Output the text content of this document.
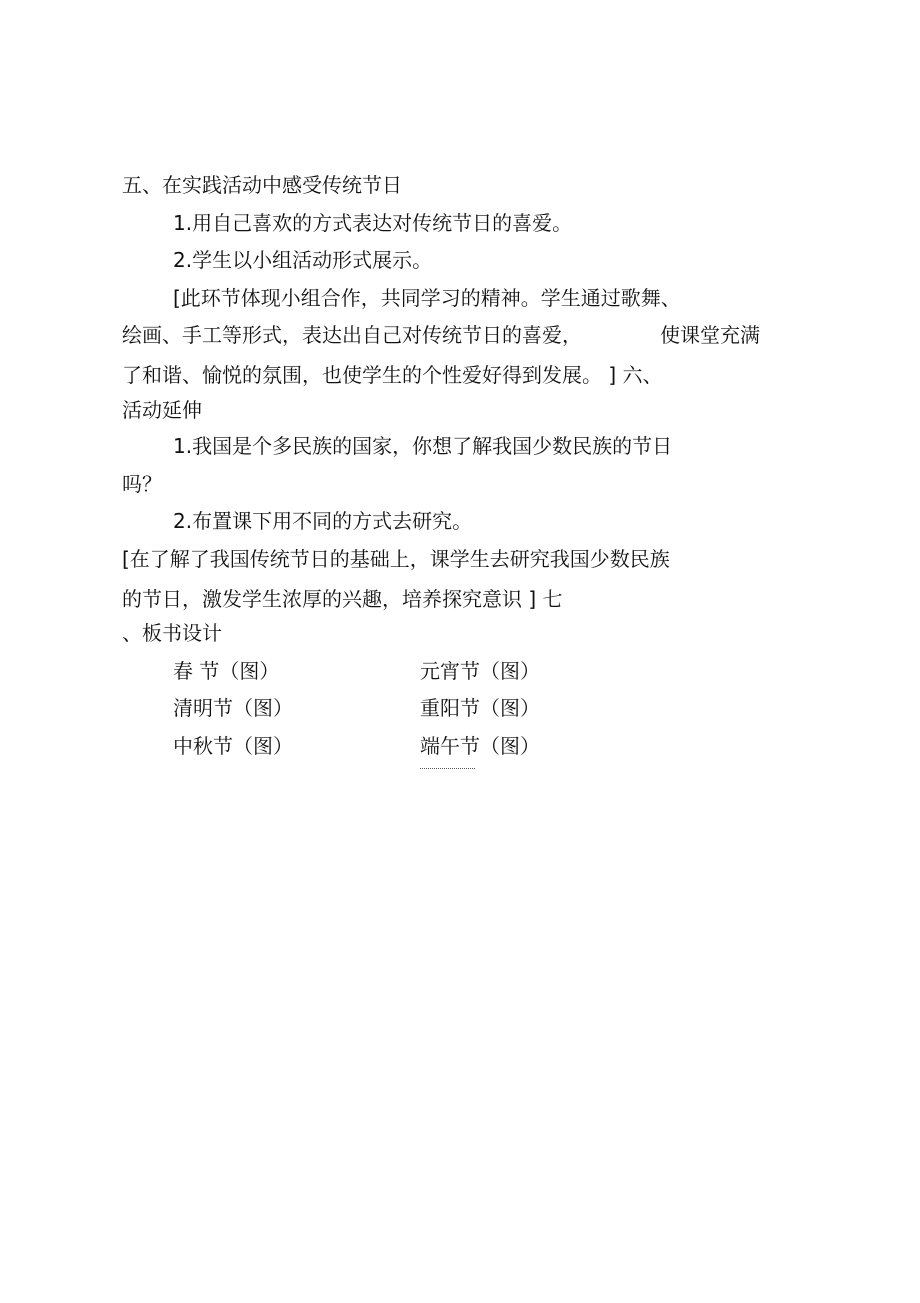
五、在实践活动中感受传统节日

1.用自己喜欢的方式表达对传统节日的喜爱。

2.学生以小组活动形式展示。

[此环节体现小组合作，共同学习的精神。学生通过歌舞、

绘画、手工等形式，表达出自己对传统节日的喜爱，	使课堂充满

了和谐、愉悦的氛围，也使学生的个性爱好得到发展。 ] 六、

活动延伸

1.我国是个多民族的国家，你想了解我国少数民族的节日

吗？

2.布置课下用不同的方式去研究。

[在了解了我国传统节日的基础上，课学生去研究我国少数民族

的节日，激发学生浓厚的兴趣，培养探究意识 ] 七

、板书设计

春 节（图）	元宵节（图）

清明节（图）	重阳节（图）

中秋节（图）	端午节（图）
